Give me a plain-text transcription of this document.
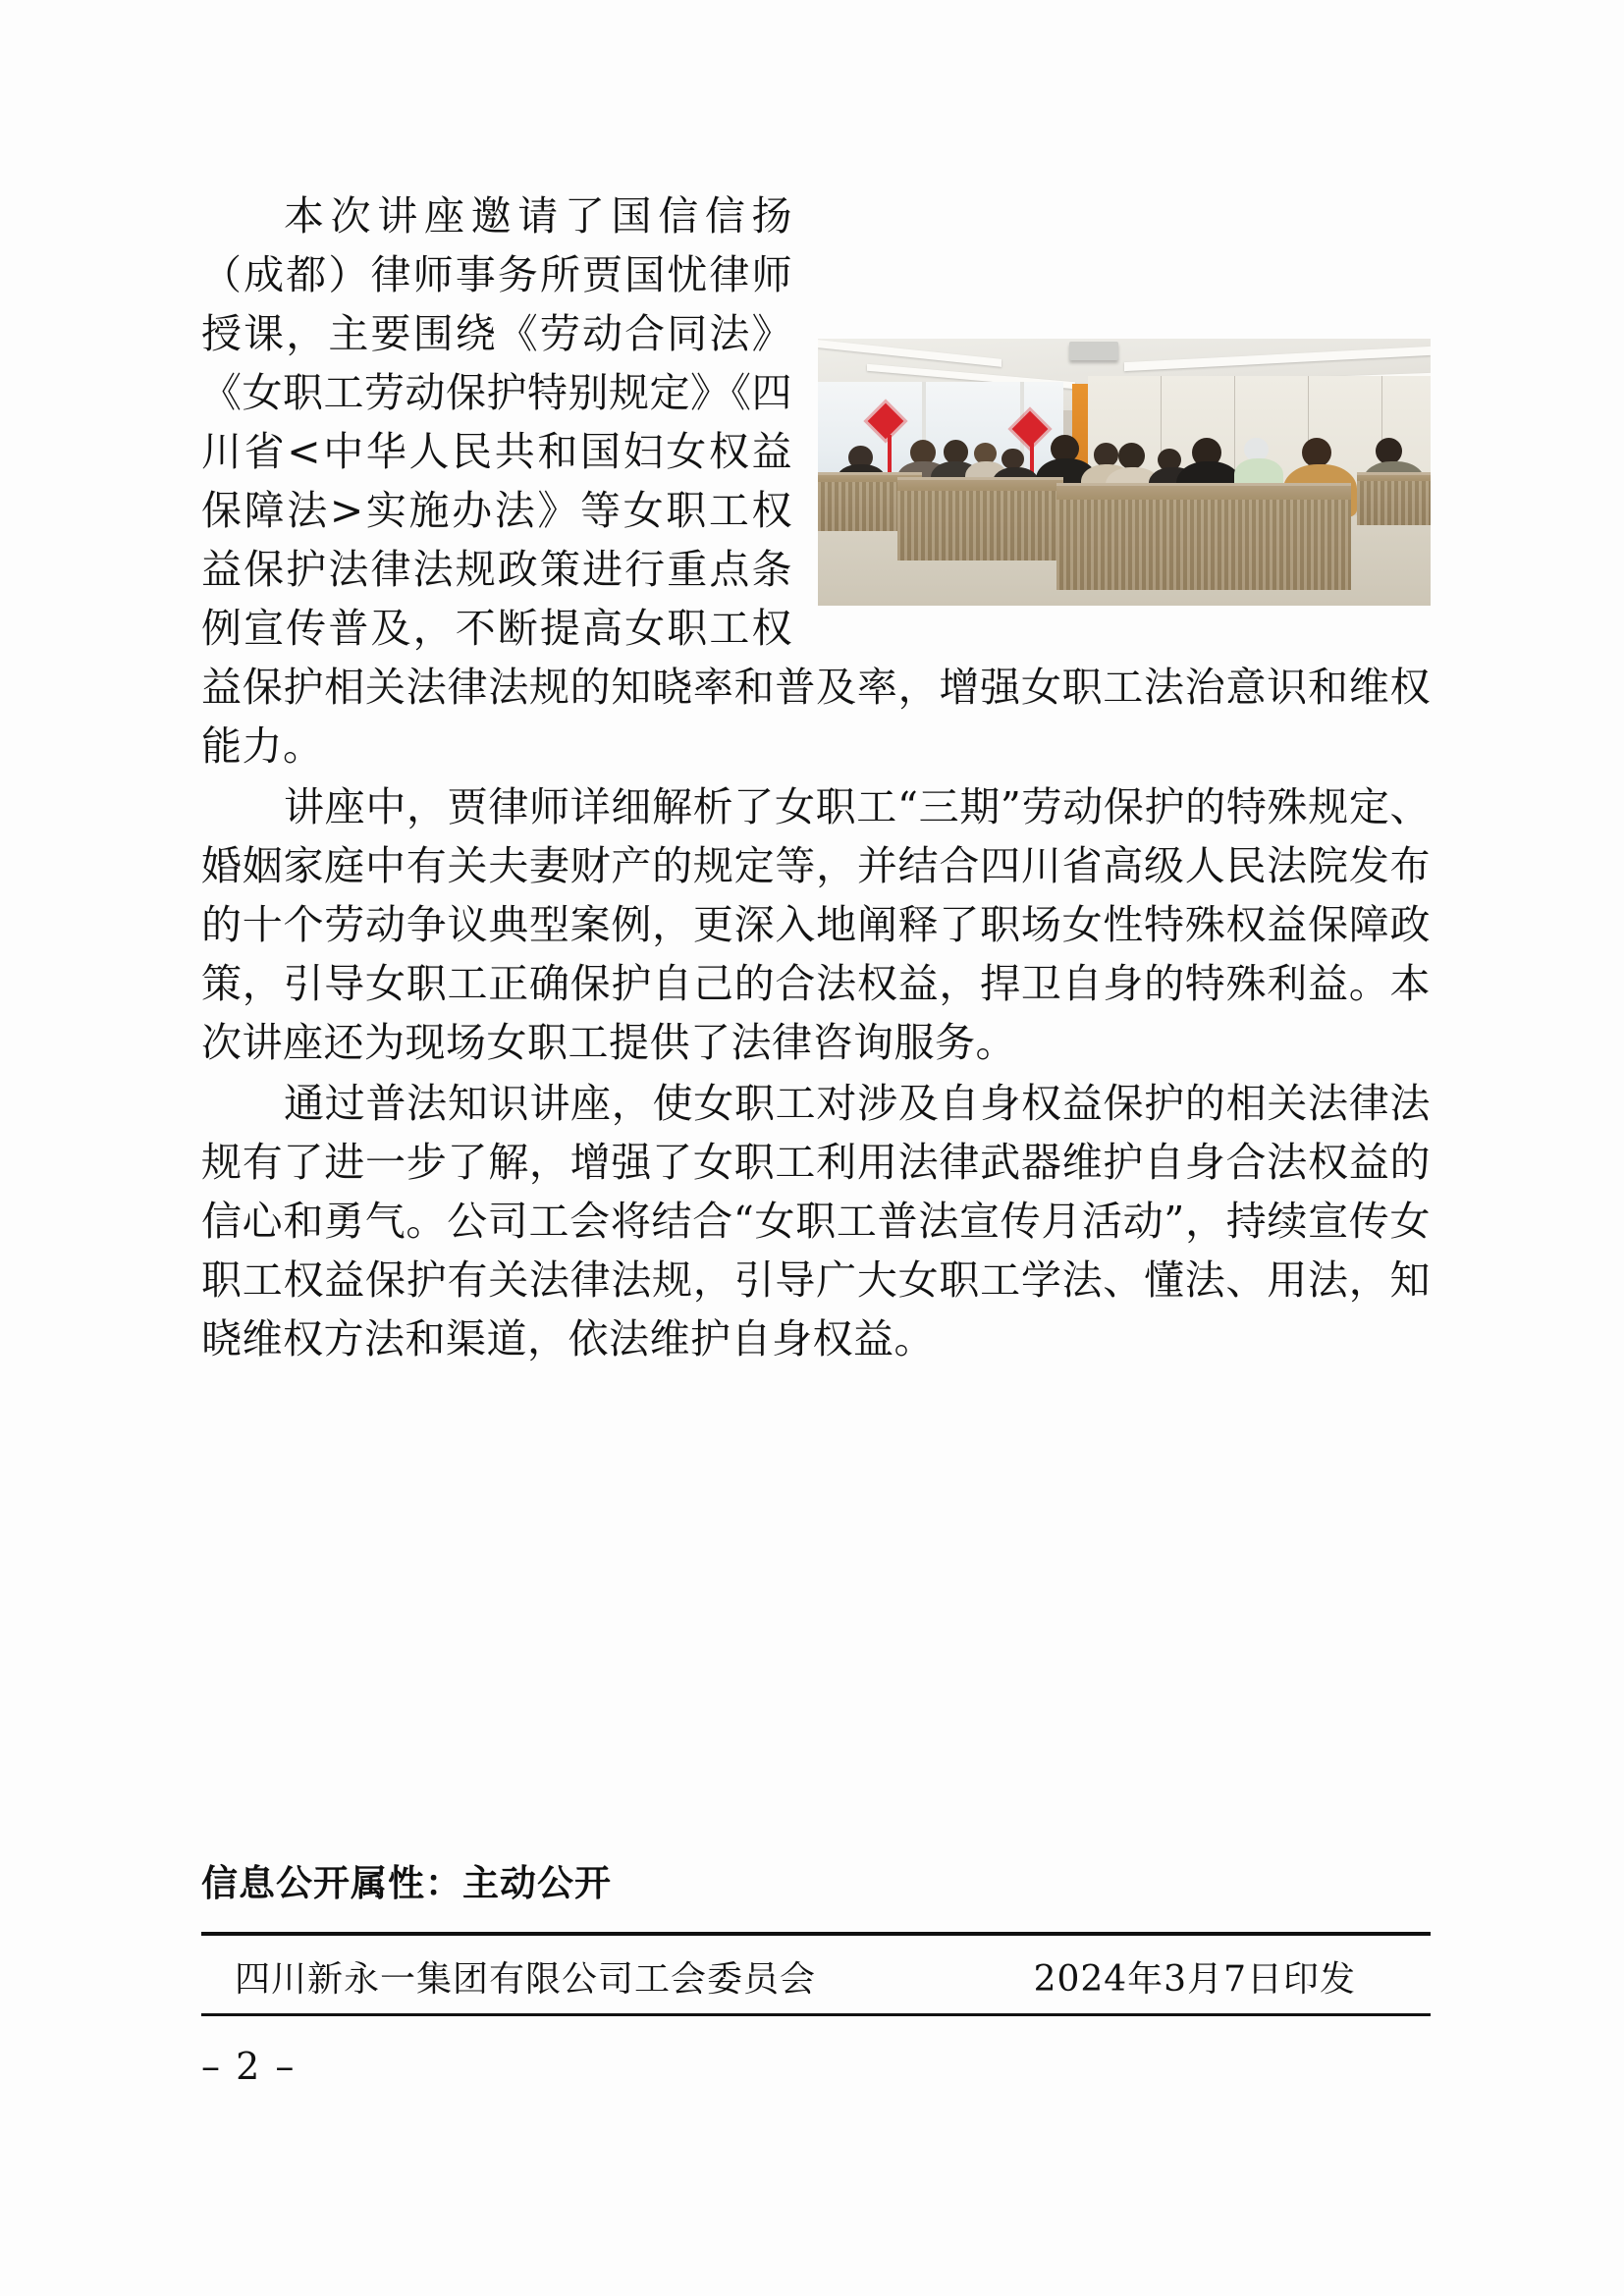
本次讲座邀请了国信信扬（成都）律师事务所贾国忧律师授课，主要围绕《劳动合同法》《女职工劳动保护特别规定》《四川省<中华人民共和国妇女权益保障法>实施办法》等女职工权益保护法律法规政策进行重点条例宣传普及，不断提高女职工权益保护相关法律法规的知晓率和普及率，增强女职工法治意识和维权能力。

讲座中，贾律师详细解析了女职工“三期”劳动保护的特殊规定、婚姻家庭中有关夫妻财产的规定等，并结合四川省高级人民法院发布的十个劳动争议典型案例，更深入地阐释了职场女性特殊权益保障政策，引导女职工正确保护自己的合法权益，捍卫自身的特殊利益。本次讲座还为现场女职工提供了法律咨询服务。

通过普法知识讲座，使女职工对涉及自身权益保护的相关法律法规有了进一步了解，增强了女职工利用法律武器维护自身合法权益的信心和勇气。公司工会将结合“女职工普法宣传月活动”，持续宣传女职工权益保护有关法律法规，引导广大女职工学法、懂法、用法，知晓维权方法和渠道，依法维护自身权益。

信息公开属性：主动公开
四川新永一集团有限公司工会委员会	2024年3月7日印发
– 2 –
